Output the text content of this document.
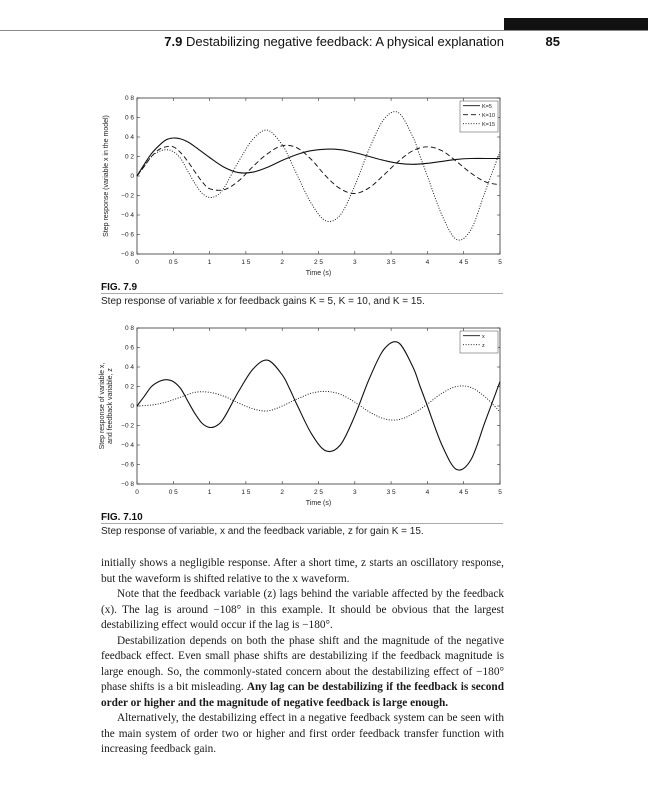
7.9 Destabilizing negative feedback: A physical explanation	85
0	0 5	1	1 5	2	2 5	3	3 5	4	4 5	5
−0 8
−0 6
−0 4
−0 2
0
0 2
0 4
0 6
0 8
Time (s)
Step response (variable x in the model)
K=5
K=10
K=15
FIG. 7.9
Step response of variable x for feedback gains K = 5, K = 10, and K = 15.
0	0 5	1	1 5	2	2 5	3	3 5	4	4 5	5
−0 8
−0 6
−0 4
−0 2
0
0 2
0 4
0 6
0 8
Time (s)
Step response of variable x, and feedback variable, z
x
z
FIG. 7.10
Step response of variable, x and the feedback variable, z for gain K = 15.

initially shows a negligible response. After a short time, z starts an oscillatory response, but the waveform is shifted relative to the x waveform.

Note that the feedback variable (z) lags behind the variable affected by the feedback (x). The lag is around −108° in this example. It should be obvious that the largest destabilizing effect would occur if the lag is −180°.

Destabilization depends on both the phase shift and the magnitude of the negative feedback effect. Even small phase shifts are destabilizing if the feedback magnitude is large enough. So, the commonly-stated concern about the destabilizing effect of −180° phase shifts is a bit misleading. Any lag can be destabilizing if the feedback is second order or higher and the magnitude of negative feedback is large enough.

Alternatively, the destabilizing effect in a negative feedback system can be seen with the main system of order two or higher and first order feedback transfer function with increasing feedback gain.
